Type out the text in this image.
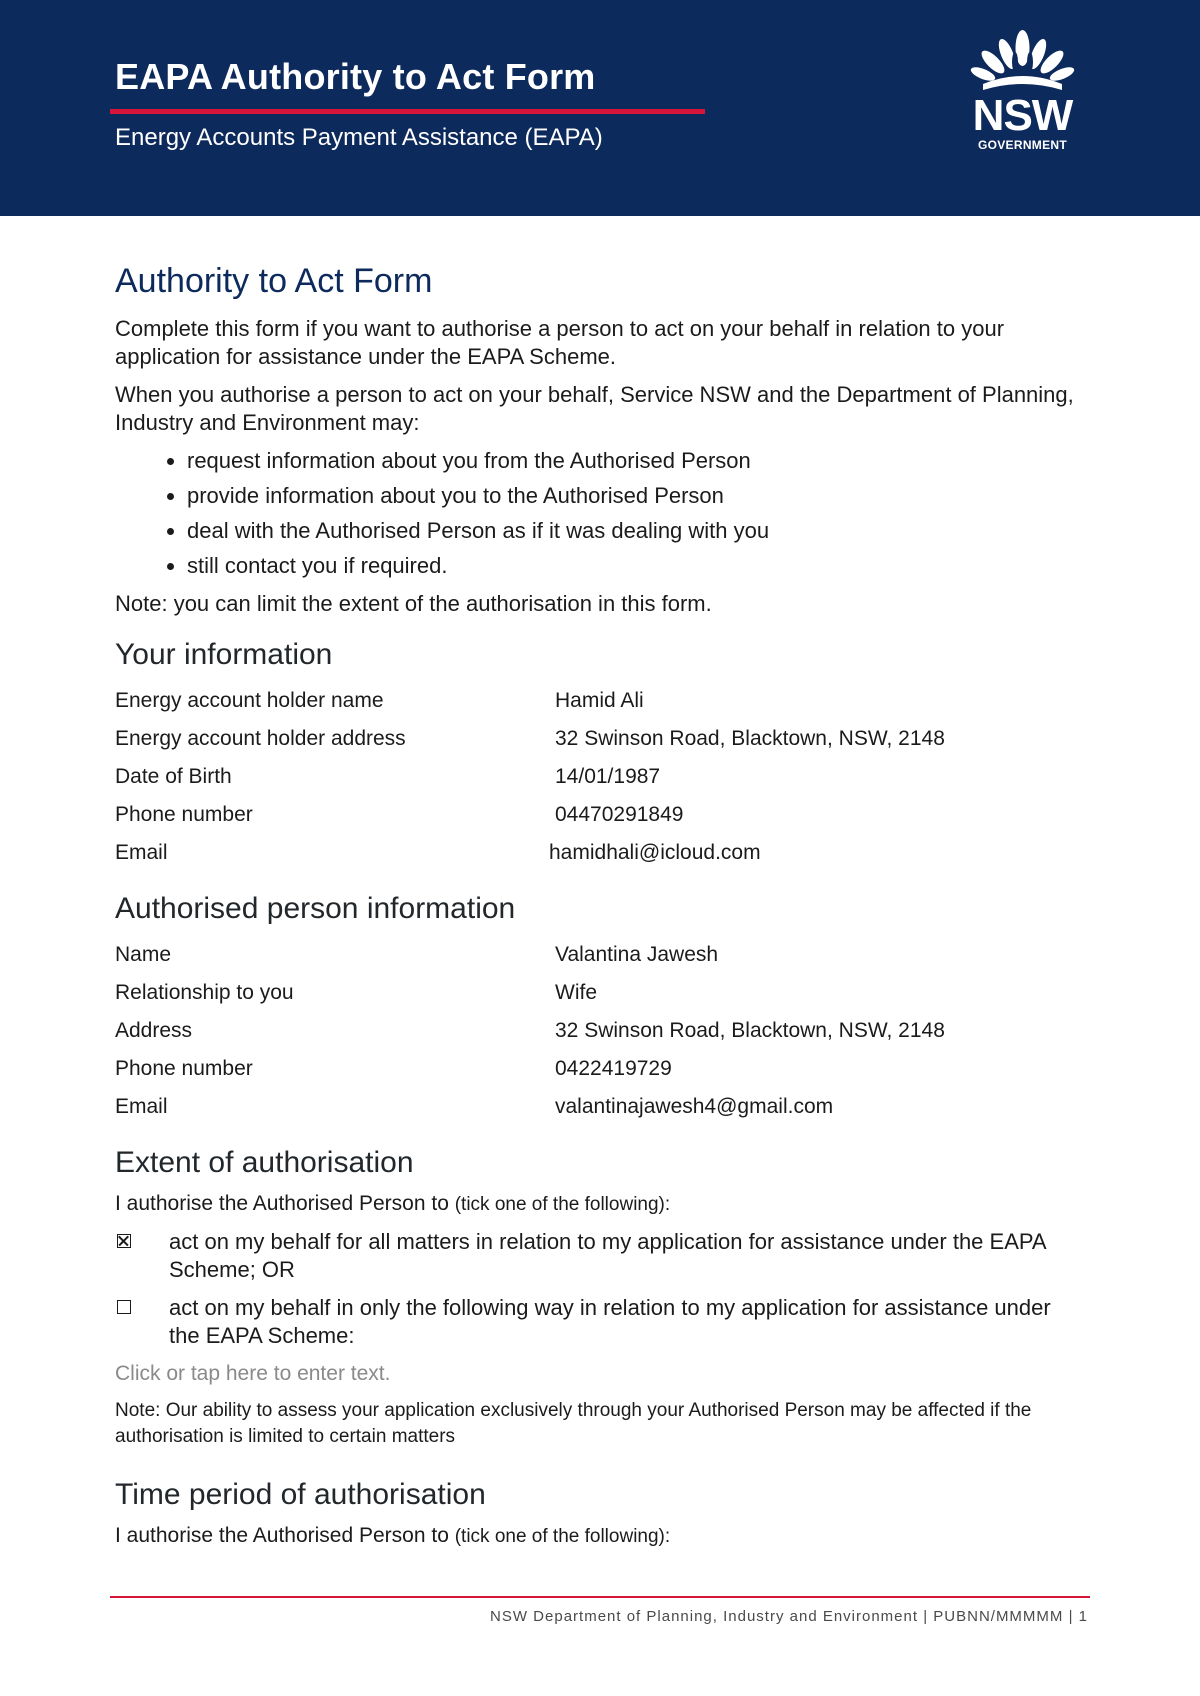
EAPA Authority to Act Form

Energy Accounts Payment Assistance (EAPA)	NSW
GOVERNMENT
Authority to Act Form

Complete this form if you want to authorise a person to act on your behalf in relation to your application for assistance under the EAPA Scheme.

When you authorise a person to act on your behalf, Service NSW and the Department of Planning, Industry and Environment may:

• request information about you from the Authorised Person
• provide information about you to the Authorised Person
• deal with the Authorised Person as if it was dealing with you
• still contact you if required.

Note: you can limit the extent of the authorisation in this form.

Your information
Energy account holder name	Hamid Ali
Energy account holder address	32 Swinson Road, Blacktown, NSW, 2148
Date of Birth	14/01/1987
Phone number	04470291849
Email	hamidhali@icloud.com
Authorised person information
Name	Valantina Jawesh
Relationship to you	Wife
Address	32 Swinson Road, Blacktown, NSW, 2148
Phone number	0422419729
Email	valantinajawesh4@gmail.com
Extent of authorisation

I authorise the Authorised Person to (tick one of the following):

act on my behalf for all matters in relation to my application for assistance under the EAPA Scheme; OR
act on my behalf in only the following way in relation to my application for assistance under the EAPA Scheme:
Click or tap here to enter text.

Note: Our ability to assess your application exclusively through your Authorised Person may be affected if the authorisation is limited to certain matters

Time period of authorisation

I authorise the Authorised Person to (tick one of the following):

NSW Department of Planning, Industry and Environment | PUBNN/MMMMM | 1
